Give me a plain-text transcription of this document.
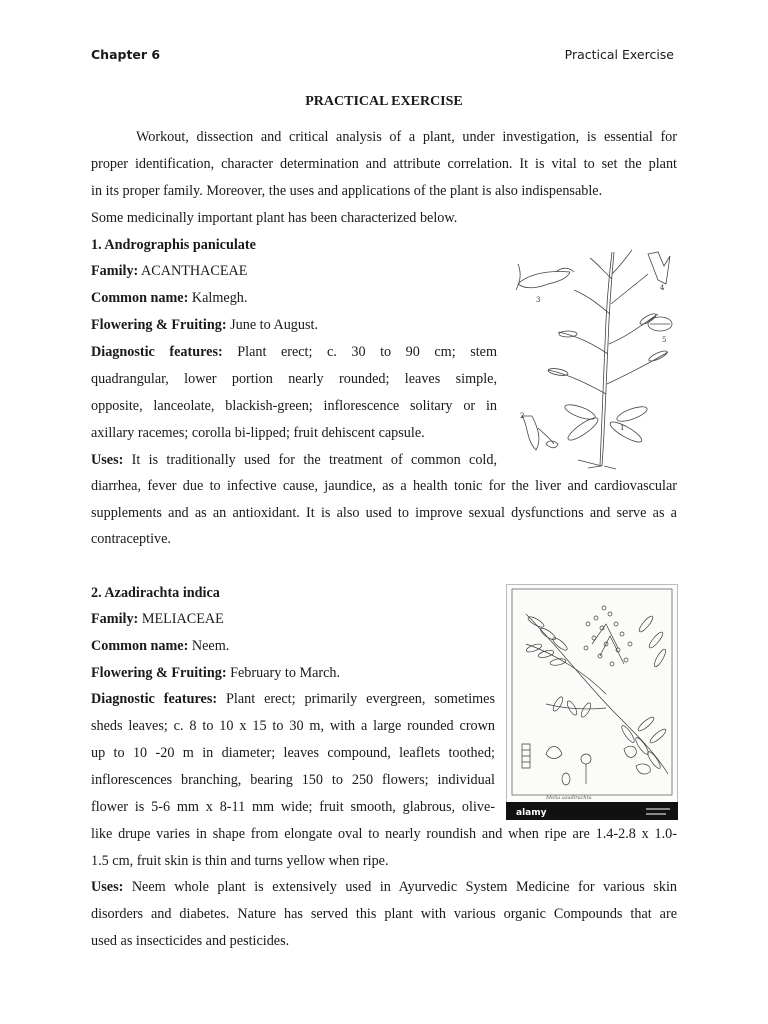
Chapter 6	Practical Exercise
PRACTICAL EXERCISE
Workout, dissection and critical analysis of a plant, under investigation, is essential for
proper identification, character determination and attribute correlation. It is vital to set the plant
in its proper family. Moreover, the uses and applications of the plant is also indispensable.
Some medicinally important plant has been characterized below.
1. Andrographis paniculate
Family: ACANTHACEAE
Common name: Kalmegh.
Flowering & Fruiting: June to August.
Diagnostic features: Plant erect; c. 30 to 90 cm; stem
quadrangular, lower portion nearly rounded; leaves simple,
opposite, lanceolate, blackish-green; inflorescence solitary or in
axillary racemes; corolla bi-lipped; fruit dehiscent capsule.
Uses: It is traditionally used for the treatment of common cold,
diarrhea, fever due to infective cause, jaundice, as a health tonic for the liver and cardiovascular
supplements and as an antioxidant. It is also used to improve sexual dysfunctions and serve as a
contraceptive.
3
4
5
2
1
2. Azadirachta indica
Family: MELIACEAE
Common name: Neem.
Flowering & Fruiting: February to March.
Diagnostic features: Plant erect; primarily evergreen, sometimes
sheds leaves; c. 8 to 10 x 15 to 30 m, with a large rounded crown
up to 10 -20 m in diameter; leaves compound, leaflets toothed;
inflorescences branching, bearing 150 to 250 flowers; individual
flower is 5-6 mm x 8-11 mm wide; fruit smooth, glabrous, olive-
like drupe varies in shape from elongate oval to nearly roundish and when ripe are 1.4-2.8 x 1.0-
1.5 cm, fruit skin is thin and turns yellow when ripe.
Uses: Neem whole plant is extensively used in Ayurvedic System Medicine for various skin
disorders and diabetes. Nature has served this plant with various organic Compounds that are
used as insecticides and pesticides.
Melia azadirachta
alamy
